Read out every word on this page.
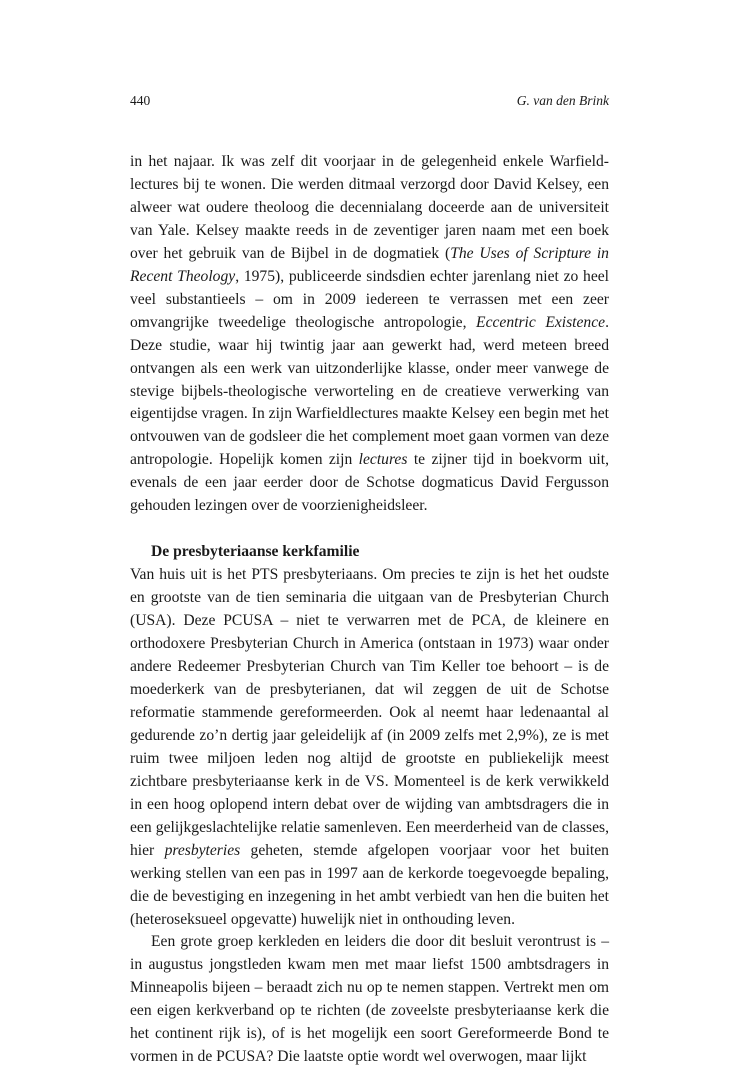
440	G. van den Brink

in het najaar. Ik was zelf dit voorjaar in de gelegenheid enkele Warfieldlectures bij te wonen. Die werden ditmaal verzorgd door David Kelsey, een alweer wat oudere theoloog die decennialang doceerde aan de universiteit van Yale. Kelsey maakte reeds in de zeventiger jaren naam met een boek over het gebruik van de Bijbel in de dogmatiek (The Uses of Scripture in Recent Theology, 1975), publiceerde sindsdien echter jarenlang niet zo heel veel substantieels – om in 2009 iedereen te verrassen met een zeer omvangrijke tweedelige theologische antropologie, Eccentric Existence. Deze studie, waar hij twintig jaar aan gewerkt had, werd meteen breed ontvangen als een werk van uitzonderlijke klasse, onder meer vanwege de stevige bijbels-theologische verworteling en de creatieve verwerking van eigentijdse vragen. In zijn Warfieldlectures maakte Kelsey een begin met het ontvouwen van de godsleer die het complement moet gaan vormen van deze antropologie. Hopelijk komen zijn lectures te zijner tijd in boekvorm uit, evenals de een jaar eerder door de Schotse dogmaticus David Fergusson gehouden lezingen over de voorzienigheidsleer.

De presbyteriaanse kerkfamilie

Van huis uit is het PTS presbyteriaans. Om precies te zijn is het het oudste en grootste van de tien seminaria die uitgaan van de Presbyterian Church (USA). Deze PCUSA – niet te verwarren met de PCA, de kleinere en orthodoxere Presbyterian Church in America (ontstaan in 1973) waar onder andere Redeemer Presbyterian Church van Tim Keller toe behoort – is de moederkerk van de presbyterianen, dat wil zeggen de uit de Schotse reformatie stammende gereformeerden. Ook al neemt haar ledenaantal al gedurende zo’n dertig jaar geleidelijk af (in 2009 zelfs met 2,9%), ze is met ruim twee miljoen leden nog altijd de grootste en publiekelijk meest zichtbare presbyteriaanse kerk in de VS. Momenteel is de kerk verwikkeld in een hoog oplopend intern debat over de wijding van ambtsdragers die in een gelijkgeslachtelijke relatie samenleven. Een meerderheid van de classes, hier presbyteries geheten, stemde afgelopen voorjaar voor het buiten werking stellen van een pas in 1997 aan de kerkorde toegevoegde bepaling, die de bevestiging en inzegening in het ambt verbiedt van hen die buiten het (heteroseksueel opgevatte) huwelijk niet in onthouding leven.

Een grote groep kerkleden en leiders die door dit besluit verontrust is – in augustus jongstleden kwam men met maar liefst 1500 ambtsdragers in Minneapolis bijeen – beraadt zich nu op te nemen stappen. Vertrekt men om een eigen kerkverband op te richten (de zoveelste presbyteriaanse kerk die het continent rijk is), of is het mogelijk een soort Gereformeerde Bond te vormen in de PCUSA? Die laatste optie wordt wel overwogen, maar lijkt
